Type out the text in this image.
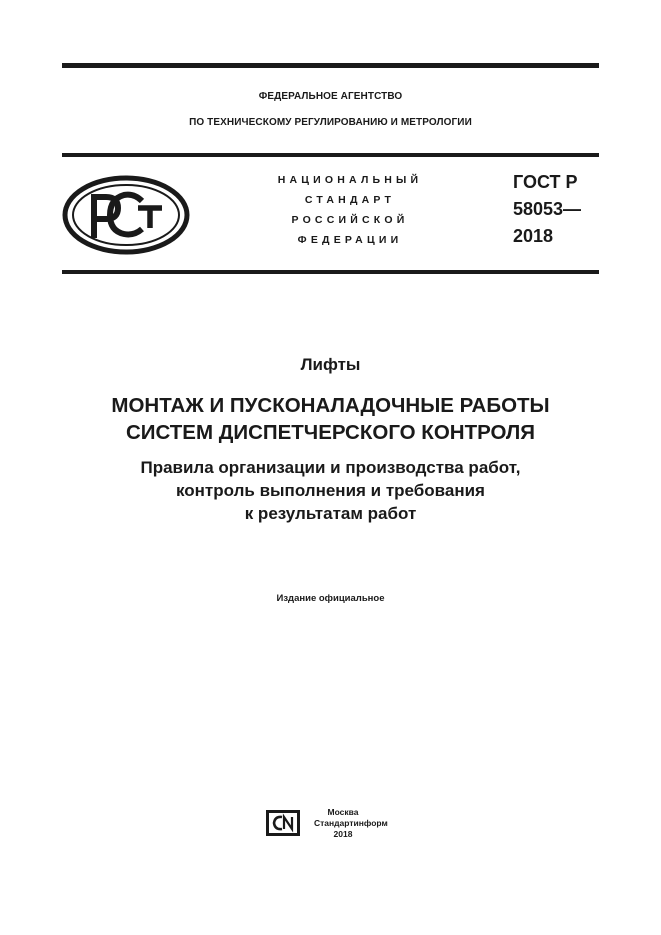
ФЕДЕРАЛЬНОЕ АГЕНТСТВО
ПО ТЕХНИЧЕСКОМУ РЕГУЛИРОВАНИЮ И МЕТРОЛОГИИ
РСТ	НАЦИОНАЛЬНЫЙ
СТАНДАРТ
РОССИЙСКОЙ
ФЕДЕРАЦИИ
ГОСТ Р
58053—
2018
Лифты
МОНТАЖ И ПУСКОНАЛАДОЧНЫЕ РАБОТЫ
СИСТЕМ ДИСПЕТЧЕРСКОГО КОНТРОЛЯ
Правила организации и производства работ,
контроль выполнения и требования
к результатам работ
Издание официальное
СИ	Москва
Стандартинформ
2018
